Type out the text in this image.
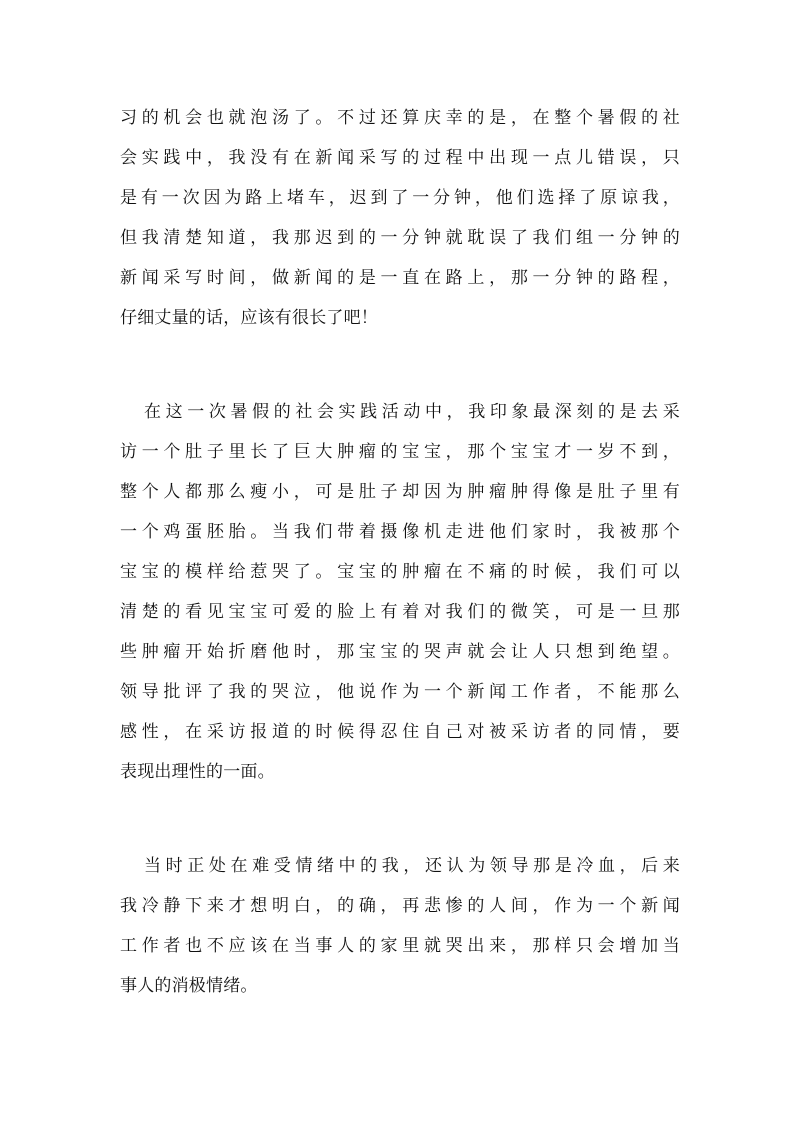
习的机会也就泡汤了。不过还算庆幸的是，在整个暑假的社

会实践中，我没有在新闻采写的过程中出现一点儿错误，只

是有一次因为路上堵车，迟到了一分钟，他们选择了原谅我，

但我清楚知道，我那迟到的一分钟就耽误了我们组一分钟的

新闻采写时间，做新闻的是一直在路上，那一分钟的路程，

仔细丈量的话，应该有很长了吧！

在这一次暑假的社会实践活动中，我印象最深刻的是去采

访一个肚子里长了巨大肿瘤的宝宝，那个宝宝才一岁不到，

整个人都那么瘦小，可是肚子却因为肿瘤肿得像是肚子里有

一个鸡蛋胚胎。当我们带着摄像机走进他们家时，我被那个

宝宝的模样给惹哭了。宝宝的肿瘤在不痛的时候，我们可以

清楚的看见宝宝可爱的脸上有着对我们的微笑，可是一旦那

些肿瘤开始折磨他时，那宝宝的哭声就会让人只想到绝望。

领导批评了我的哭泣，他说作为一个新闻工作者，不能那么

感性，在采访报道的时候得忍住自己对被采访者的同情，要

表现出理性的一面。

当时正处在难受情绪中的我，还认为领导那是冷血，后来

我冷静下来才想明白，的确，再悲惨的人间，作为一个新闻

工作者也不应该在当事人的家里就哭出来，那样只会增加当

事人的消极情绪。
